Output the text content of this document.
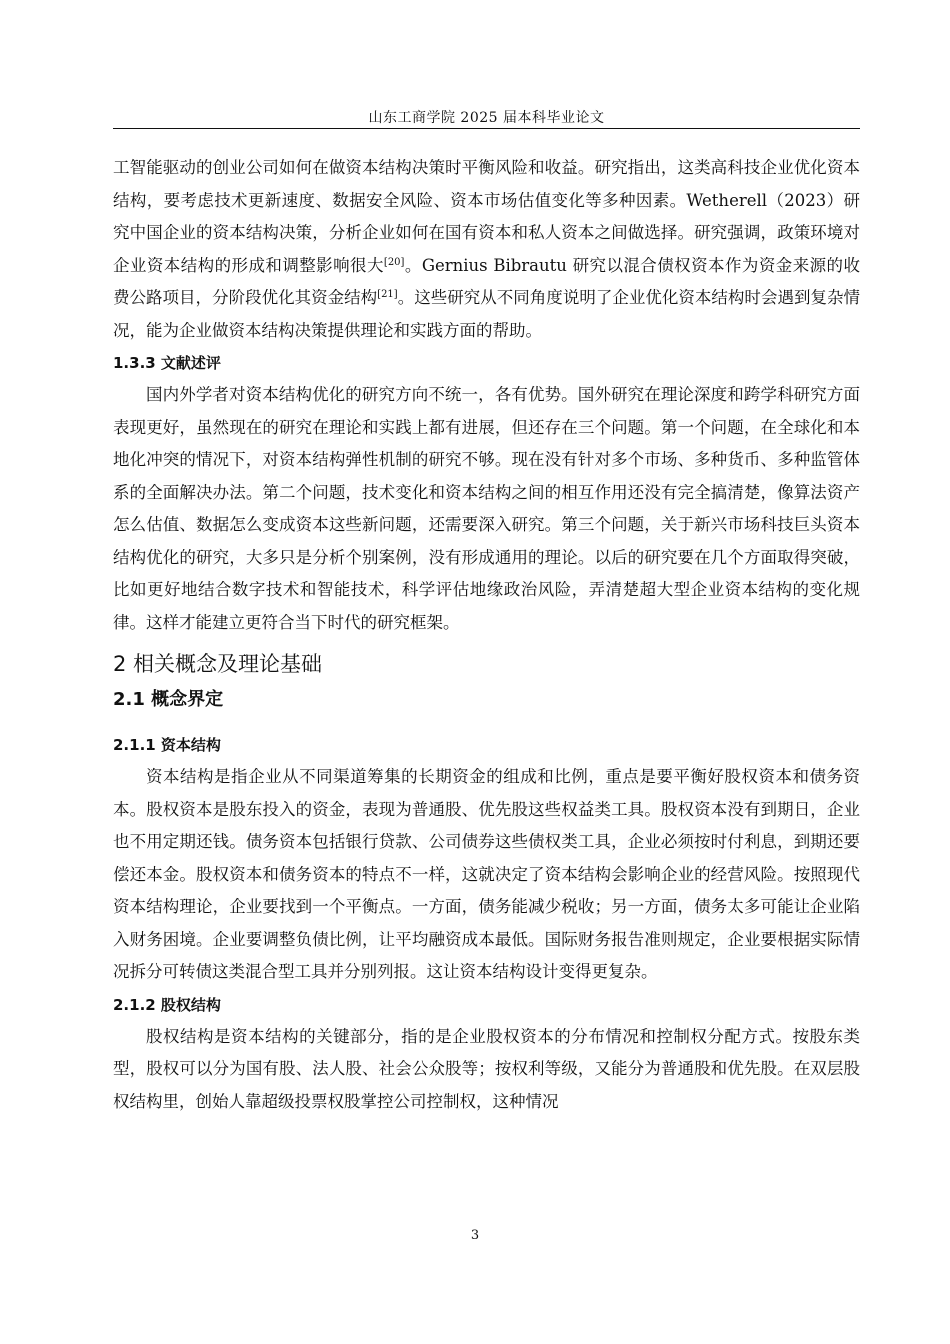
山东工商学院 2025 届本科毕业论文

工智能驱动的创业公司如何在做资本结构决策时平衡风险和收益。研究指出，这类高科技企业优化资本结构，要考虑技术更新速度、数据安全风险、资本市场估值变化等多种因素。Wetherell（2023）研究中国企业的资本结构决策，分析企业如何在国有资本和私人资本之间做选择。研究强调，政策环境对企业资本结构的形成和调整影响很大[20]。Gernius Bibrautu 研究以混合债权资本作为资金来源的收费公路项目，分阶段优化其资金结构[21]。这些研究从不同角度说明了企业优化资本结构时会遇到复杂情况，能为企业做资本结构决策提供理论和实践方面的帮助。

1.3.3 文献述评

国内外学者对资本结构优化的研究方向不统一，各有优势。国外研究在理论深度和跨学科研究方面表现更好，虽然现在的研究在理论和实践上都有进展，但还存在三个问题。第一个问题，在全球化和本地化冲突的情况下，对资本结构弹性机制的研究不够。现在没有针对多个市场、多种货币、多种监管体系的全面解决办法。第二个问题，技术变化和资本结构之间的相互作用还没有完全搞清楚，像算法资产怎么估值、数据怎么变成资本这些新问题，还需要深入研究。第三个问题，关于新兴市场科技巨头资本结构优化的研究，大多只是分析个别案例，没有形成通用的理论。以后的研究要在几个方面取得突破，比如更好地结合数字技术和智能技术，科学评估地缘政治风险，弄清楚超大型企业资本结构的变化规律。这样才能建立更符合当下时代的研究框架。

2 相关概念及理论基础
2.1 概念界定
2.1.1 资本结构

资本结构是指企业从不同渠道筹集的长期资金的组成和比例，重点是要平衡好股权资本和债务资本。股权资本是股东投入的资金，表现为普通股、优先股这些权益类工具。股权资本没有到期日，企业也不用定期还钱。债务资本包括银行贷款、公司债券这些债权类工具，企业必须按时付利息，到期还要偿还本金。股权资本和债务资本的特点不一样，这就决定了资本结构会影响企业的经营风险。按照现代资本结构理论，企业要找到一个平衡点。一方面，债务能减少税收；另一方面，债务太多可能让企业陷入财务困境。企业要调整负债比例，让平均融资成本最低。国际财务报告准则规定，企业要根据实际情况拆分可转债这类混合型工具并分别列报。这让资本结构设计变得更复杂。

2.1.2 股权结构

股权结构是资本结构的关键部分，指的是企业股权资本的分布情况和控制权分配方式。按股东类型，股权可以分为国有股、法人股、社会公众股等；按权利等级，又能分为普通股和优先股。在双层股权结构里，创始人靠超级投票权股掌控公司控制权，这种情况

3
